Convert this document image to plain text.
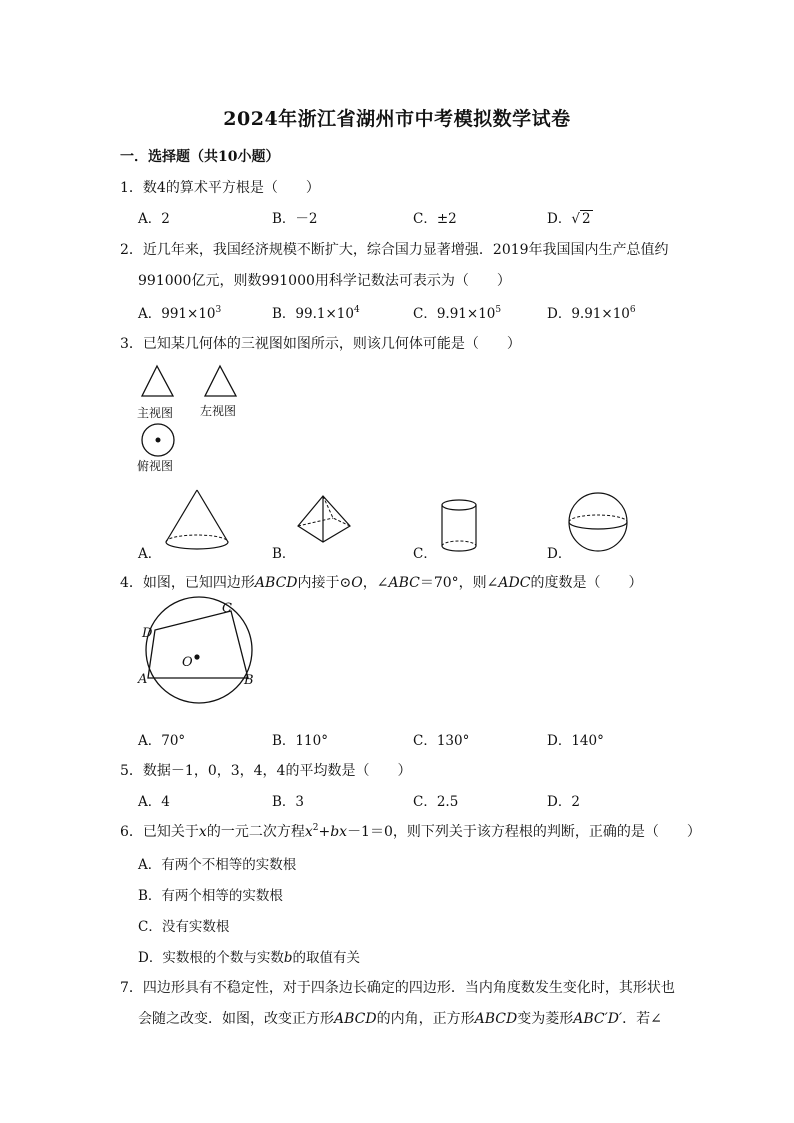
2024年浙江省湖州市中考模拟数学试卷
一．选择题（共10小题）
1．数4的算术平方根是（　　）
A．2	B．－2	C．±2	D．√ 2
2．近几年来，我国经济规模不断扩大，综合国力显著增强．2019年我国国内生产总值约
991000亿元，则数991000用科学记数法可表示为（　　）
A．$991\times 10^3$	B．$99.1\times 10^4$	C．$9.91\times 10^5$	D．$9.91\times 10^6$
3．已知某几何体的三视图如图所示，则该几何体可能是（　　）
主视图 左视图
俯视图
A．	B．	C．	D．
4．如图，已知四边形ABCD内接于⊙O，∠ABC＝70°，则∠ADC的度数是（　　）
A	B
C
D
O
A．70°	B．110°	C．130°	D．140°
5．数据－1，0，3，4，4的平均数是（　　）
A．4	B．3	C．2.5	D．2
6．已知关于x的一元二次方程$x^2+bx-1=0$，则下列关于该方程根的判断，正确的是（　　）
A．有两个不相等的实数根
B．有两个相等的实数根
C．没有实数根
D．实数根的个数与实数b的取值有关
7．四边形具有不稳定性，对于四条边长确定的四边形．当内角度数发生变化时，其形状也
会随之改变．如图，改变正方形ABCD的内角，正方形ABCD变为菱形ABC′D′．若∠
